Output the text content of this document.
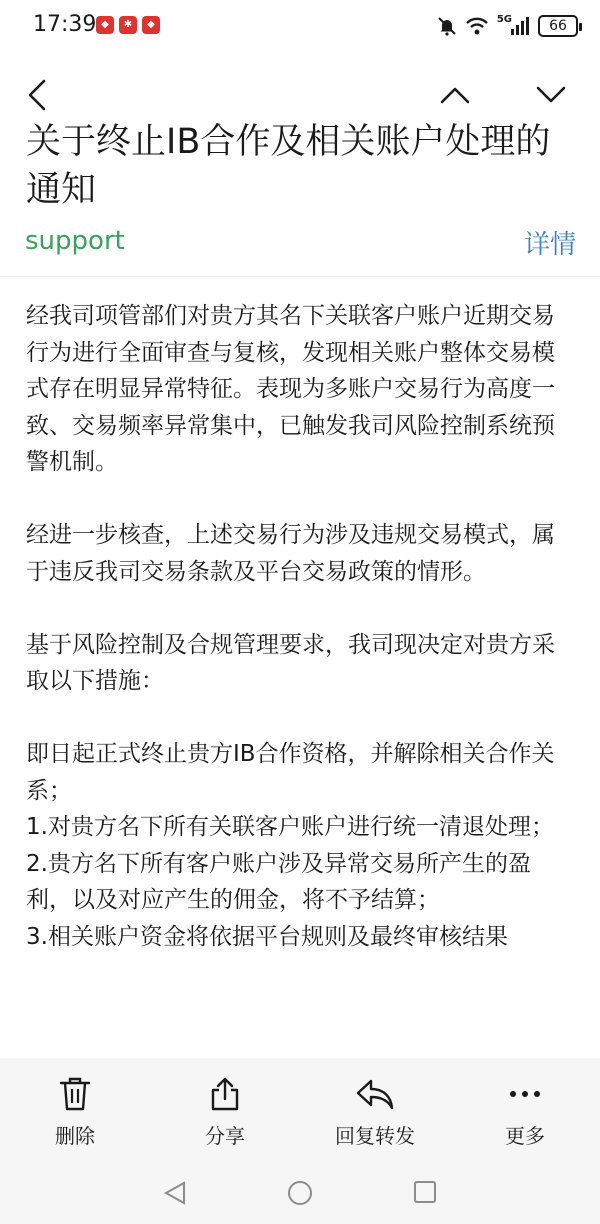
17:39 ◆	✱	◆	5G	66
关于终止IB合作及相关账户处理的通知
support	详情

经我司项管部们对贵方其名下关联客户账户近期交易行为进行全面审查与复核，发现相关账户整体交易模式存在明显异常特征。表现为多账户交易行为高度一致、交易频率异常集中，已触发我司风险控制系统预警机制。

经进一步核查，上述交易行为涉及违规交易模式，属于违反我司交易条款及平台交易政策的情形。

基于风险控制及合规管理要求，我司现决定对贵方采取以下措施：

即日起正式终止贵方IB合作资格，并解除相关合作关系；

1.对贵方名下所有关联客户账户进行统一清退处理；

2.贵方名下所有客户账户涉及异常交易所产生的盈利，以及对应产生的佣金，将不予结算；

3.相关账户资金将依据平台规则及最终审核结果

删除	分享	回复转发	更多
